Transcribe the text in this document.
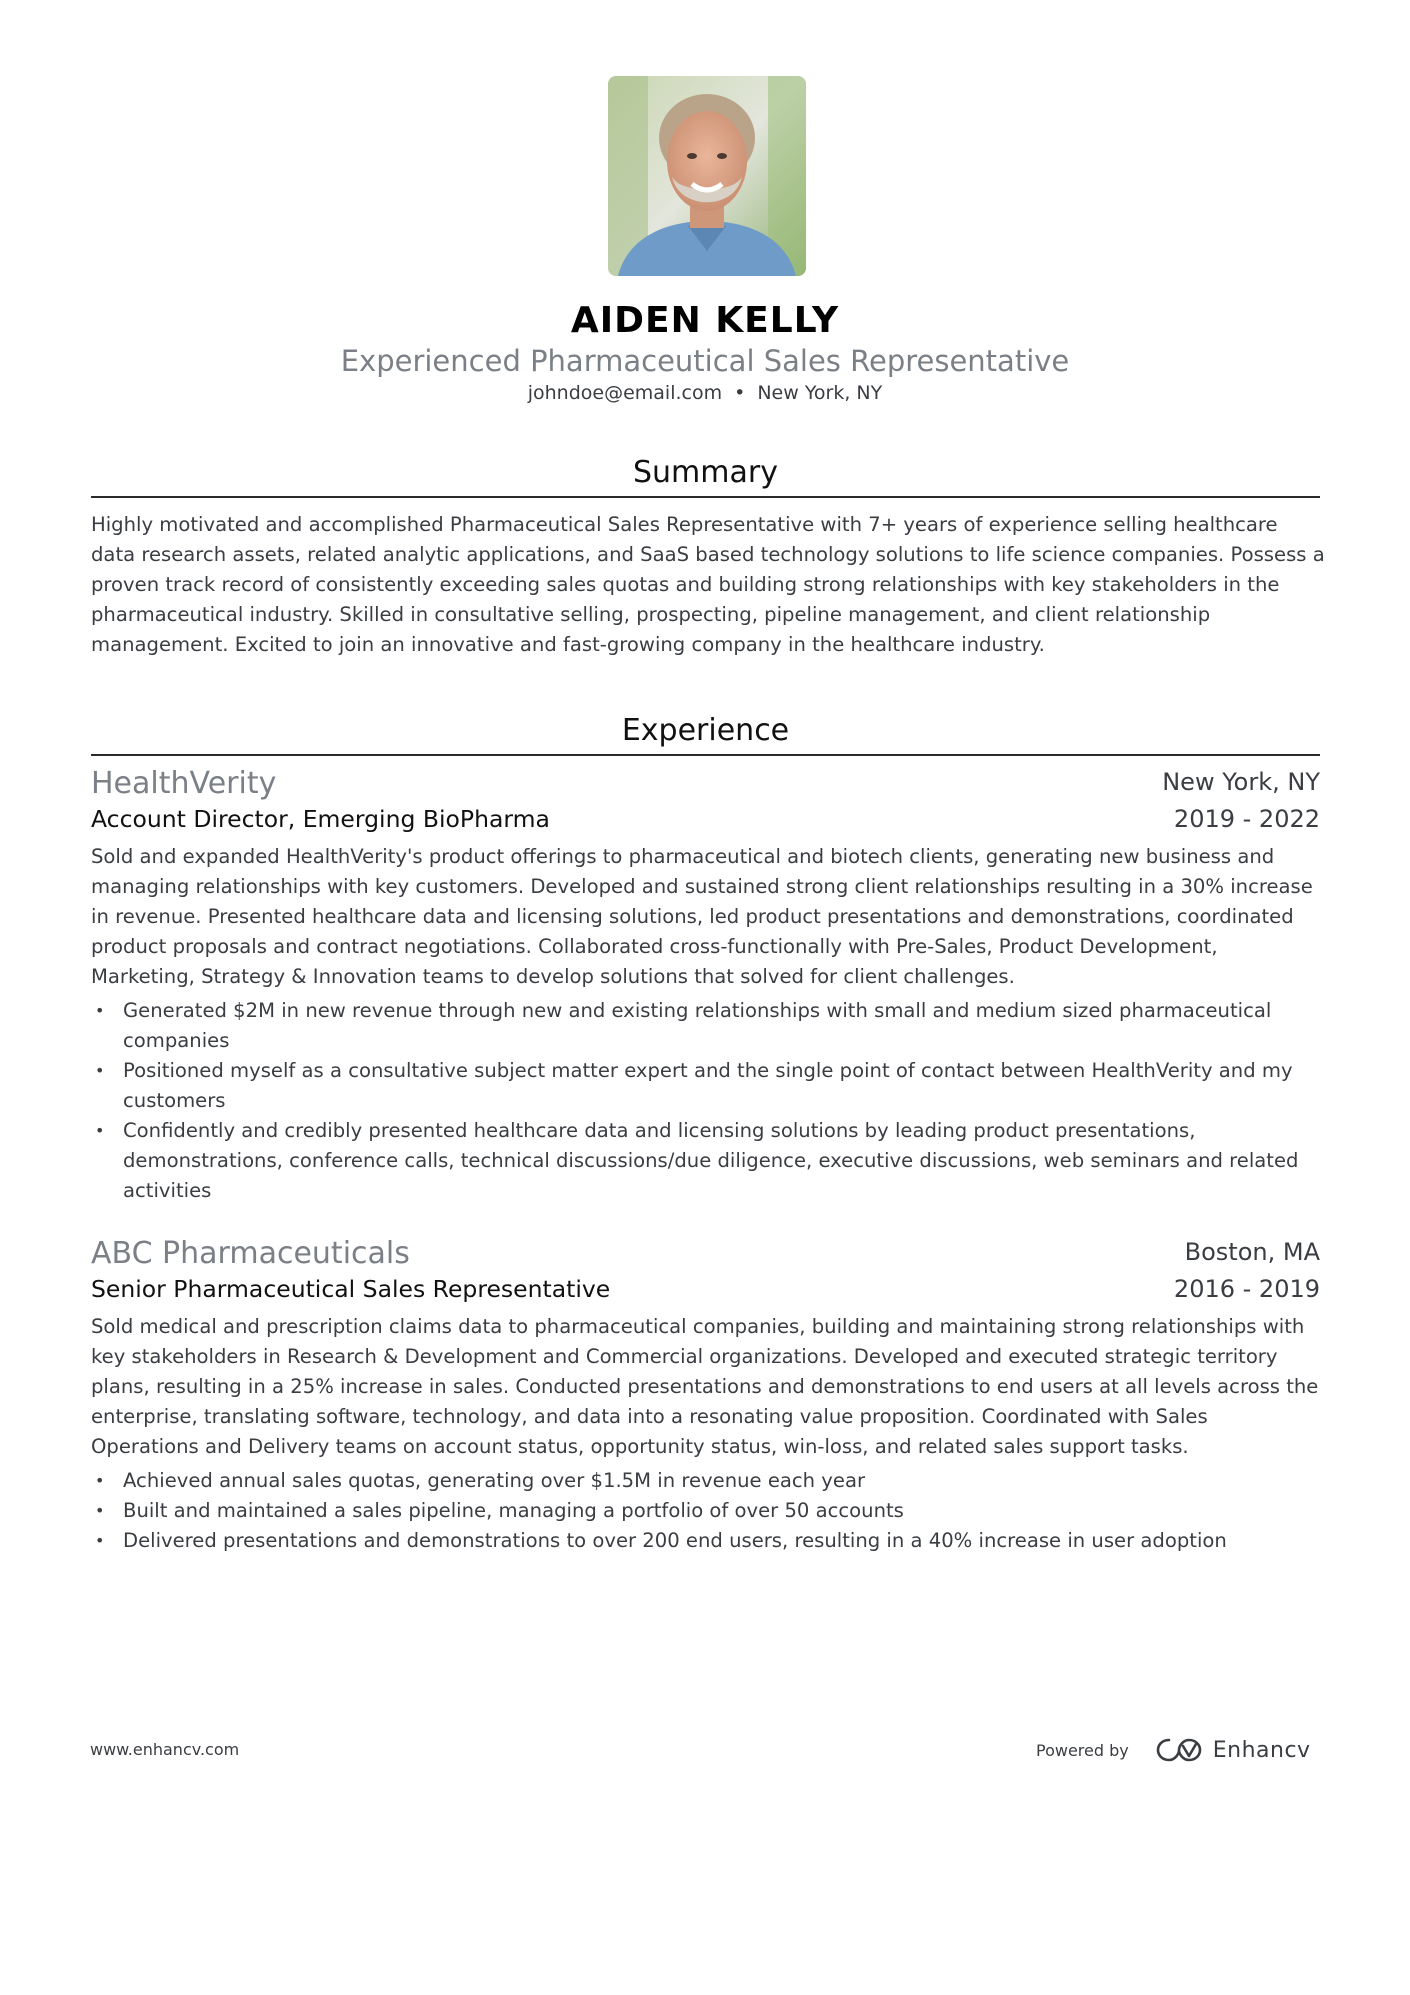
AIDEN KELLY
Experienced Pharmaceutical Sales Representative
johndoe@email.com • New York, NY
Summary

Highly motivated and accomplished Pharmaceutical Sales Representative with 7+ years of experience selling healthcare data research assets, related analytic applications, and SaaS based technology solutions to life science companies. Possess a proven track record of consistently exceeding sales quotas and building strong relationships with key stakeholders in the pharmaceutical industry. Skilled in consultative selling, prospecting, pipeline management, and client relationship management. Excited to join an innovative and fast-growing company in the healthcare industry.

Experience
HealthVerity	New York, NY
Account Director, Emerging BioPharma	2019 - 2022

Sold and expanded HealthVerity's product offerings to pharmaceutical and biotech clients, generating new business and managing relationships with key customers. Developed and sustained strong client relationships resulting in a 30% increase in revenue. Presented healthcare data and licensing solutions, led product presentations and demonstrations, coordinated product proposals and contract negotiations. Collaborated cross-functionally with Pre-Sales, Product Development, Marketing, Strategy & Innovation teams to develop solutions that solved for client challenges.

• Generated $2M in new revenue through new and existing relationships with small and medium sized pharmaceutical companies
• Positioned myself as a consultative subject matter expert and the single point of contact between HealthVerity and my customers
• Confidently and credibly presented healthcare data and licensing solutions by leading product presentations, demonstrations, conference calls, technical discussions/due diligence, executive discussions, web seminars and related activities
ABC Pharmaceuticals	Boston, MA
Senior Pharmaceutical Sales Representative	2016 - 2019

Sold medical and prescription claims data to pharmaceutical companies, building and maintaining strong relationships with key stakeholders in Research & Development and Commercial organizations. Developed and executed strategic territory plans, resulting in a 25% increase in sales. Conducted presentations and demonstrations to end users at all levels across the enterprise, translating software, technology, and data into a resonating value proposition. Coordinated with Sales Operations and Delivery teams on account status, opportunity status, win-loss, and related sales support tasks.

• Achieved annual sales quotas, generating over $1.5M in revenue each year
• Built and maintained a sales pipeline, managing a portfolio of over 50 accounts
• Delivered presentations and demonstrations to over 200 end users, resulting in a 40% increase in user adoption
www.enhancv.com	Powered by	Enhancv
